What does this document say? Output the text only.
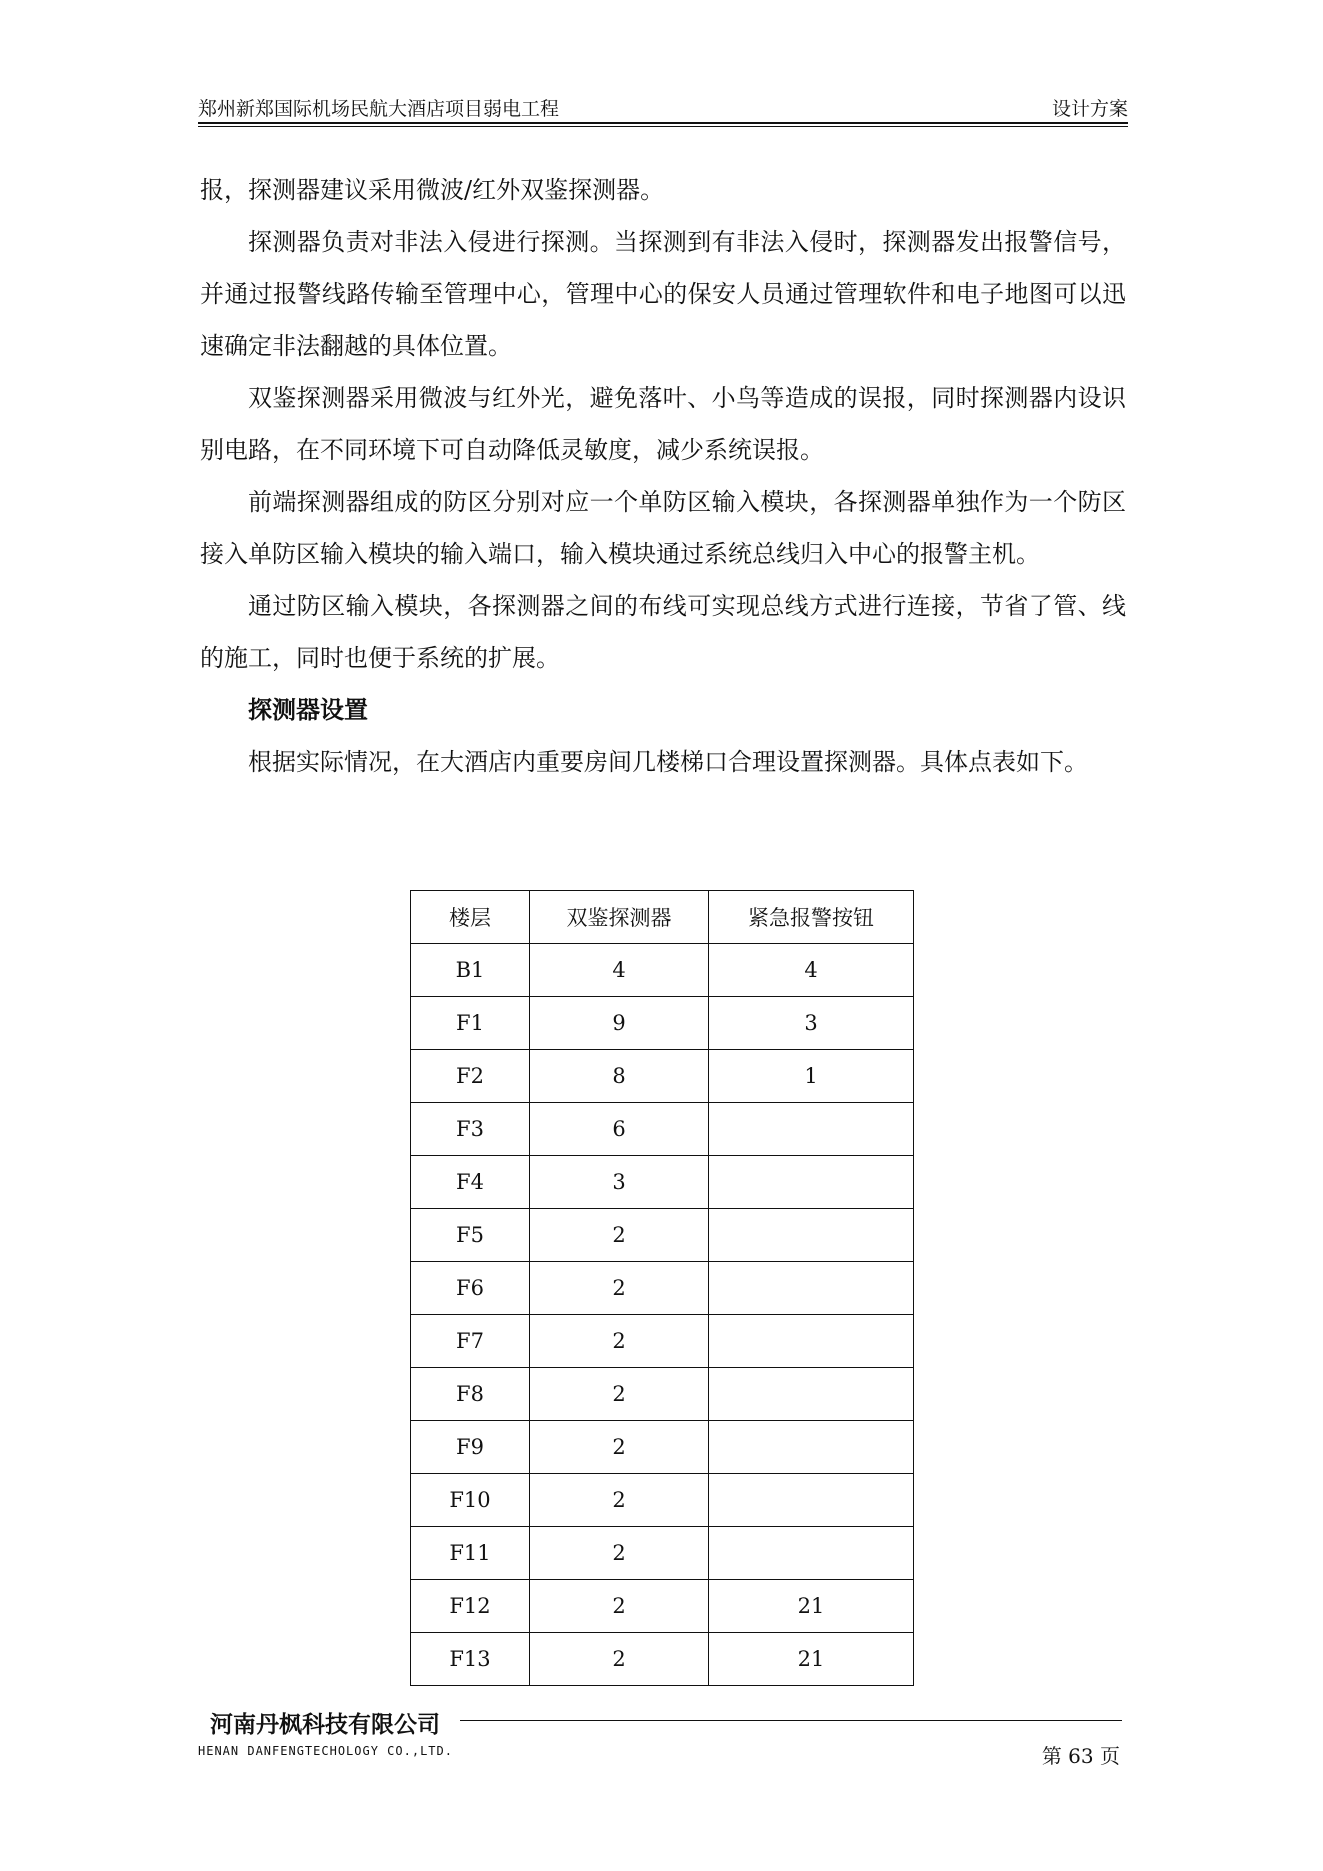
郑州新郑国际机场民航大酒店项目弱电工程	设计方案

报，探测器建议采用微波/红外双鉴探测器。

探测器负责对非法入侵进行探测。当探测到有非法入侵时，探测器发出报警信号，并通过报警线路传输至管理中心，管理中心的保安人员通过管理软件和电子地图可以迅速确定非法翻越的具体位置。

双鉴探测器采用微波与红外光，避免落叶、小鸟等造成的误报，同时探测器内设识别电路，在不同环境下可自动降低灵敏度，减少系统误报。

前端探测器组成的防区分别对应一个单防区输入模块，各探测器单独作为一个防区接入单防区输入模块的输入端口，输入模块通过系统总线归入中心的报警主机。

通过防区输入模块，各探测器之间的布线可实现总线方式进行连接，节省了管、线的施工，同时也便于系统的扩展。

探测器设置

根据实际情况，在大酒店内重要房间几楼梯口合理设置探测器。具体点表如下。

楼层	双鉴探测器	紧急报警按钮
B1	4	4
F1	9	3
F2	8	1
F3	6	
F4	3	
F5	2	
F6	2	
F7	2	
F8	2	
F9	2	
F10	2	
F11	2	
F12	2	21
F13	2	21
河南丹枫科技有限公司
HENAN DANFENGTECHOLOGY CO.,LTD.	第 63 页
